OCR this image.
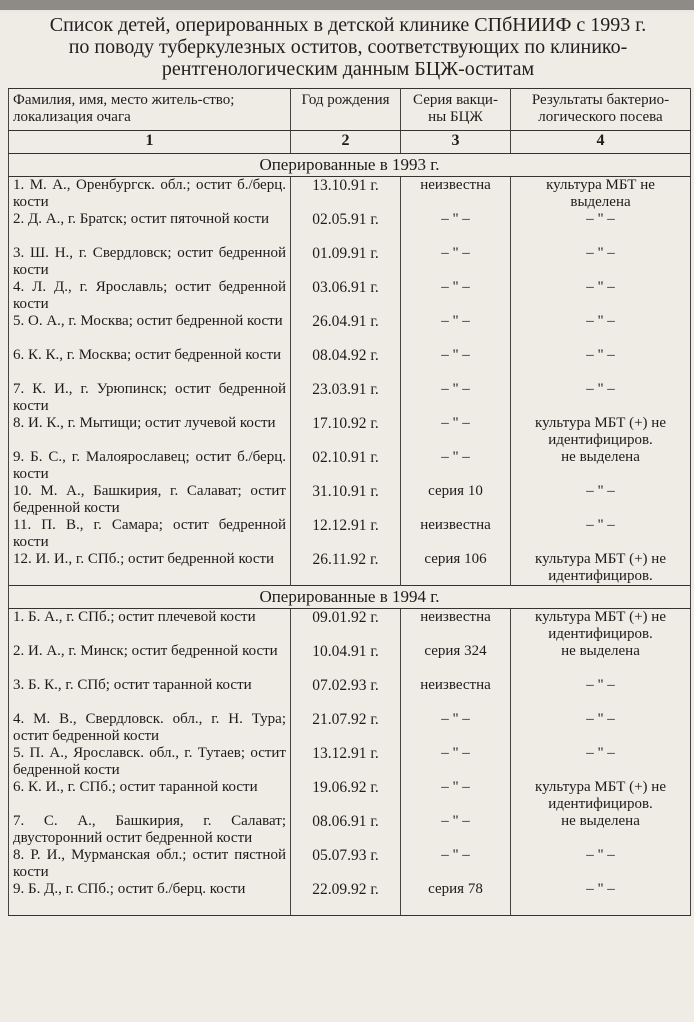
Список детей, оперированных в детской клинике СПбНИИФ с 1993 г.
по поводу туберкулезных оститов, соответствующих по клинико-
рентгенологическим данным БЦЖ-оститам
Фамилия, имя, место житель-ство; локализация очага	Год рождения	Серия вакци-ны БЦЖ	Результаты бактерио-логического посева
1	2	3	4
Оперированные в 1993 г.			
1. М. А., Оренбургск. обл.; остит б./берц. кости	13.10.91 г.	неизвестна	культура МБТ не выделена
2. Д. А., г. Братск; остит пяточной кости	02.05.91 г.	– " –	– " –
3. Ш. Н., г. Свердловск; остит бедренной кости	01.09.91 г.	– " –	– " –
4. Л. Д., г. Ярославль; остит бедренной кости	03.06.91 г.	– " –	– " –
5. О. А., г. Москва; остит бедренной кости	26.04.91 г.	– " –	– " –
6. К. К., г. Москва; остит бедренной кости	08.04.92 г.	– " –	– " –
7. К. И., г. Урюпинск; остит бедренной кости	23.03.91 г.	– " –	– " –
8. И. К., г. Мытищи; остит лучевой кости	17.10.92 г.	– " –	культура МБТ (+) не идентифициров.
9. Б. С., г. Малоярославец; остит б./берц. кости	02.10.91 г.	– " –	не выделена
10. М. А., Башкирия, г. Салават; остит бедренной кости	31.10.91 г.	серия 10	– " –
11. П. В., г. Самара; остит бедренной кости	12.12.91 г.	неизвестна	– " –
12. И. И., г. СПб.; остит бедренной кости	26.11.92 г.	серия 106	культура МБТ (+) не идентифициров.
Оперированные в 1994 г.			
1. Б. А., г. СПб.; остит плечевой кости	09.01.92 г.	неизвестна	культура МБТ (+) не идентифициров.
2. И. А., г. Минск; остит бедренной кости	10.04.91 г.	серия 324	не выделена
3. Б. К., г. СПб; остит таранной кости	07.02.93 г.	неизвестна	– " –
4. М. В., Свердловск. обл., г. Н. Тура; остит бедренной кости	21.07.92 г.	– " –	– " –
5. П. А., Ярославск. обл., г. Тутаев; остит бедренной кости	13.12.91 г.	– " –	– " –
6. К. И., г. СПб.; остит таранной кости	19.06.92 г.	– " –	культура МБТ (+) не идентифициров.
7. С. А., Башкирия, г. Салават; двусторонний остит бедренной кости	08.06.91 г.	– " –	не выделена
8. Р. И., Мурманская обл.; остит пястной кости	05.07.93 г.	– " –	– " –
9. Б. Д., г. СПб.; остит б./берц. кости	22.09.92 г.	серия 78	– " –
